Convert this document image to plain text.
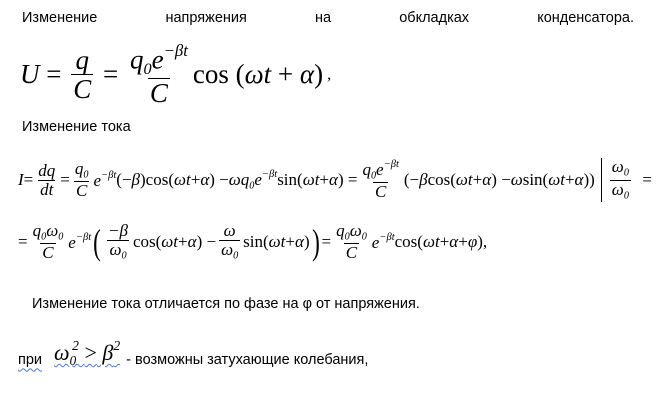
Изменение	напряжения	на	обкладках	конденсатора.
$U = \frac{q}{C} = \frac{q_0e^{-\beta t}}{C}$ cos ( ωt + α ) ,
Изменение тока
$I = \frac{dq}{dt} = \frac{q_0}{C} e^{-\beta t}$ (− β )cos( ωt + α ) − $\omega q_0e^{-\beta t}$ sin( ωt + α ) = $\frac{q_0e^{-\beta t}}{C}$ (− β cos( ωt + α ) − ω sin( ωt + α )) $\frac{\omega_0}{\omega_0}$ =
= $\frac{q_0\omega_0}{C} e^{-\beta t}$ ( $\frac{-\beta}{\omega_0} \cos$( ωt + α ) − $\frac{\omega}{\omega_0} \sin$( ωt + α ) ) = $\frac{q_0\omega_0}{C} e^{-\beta t}$ cos( ωt + α + φ ),
Изменение тока отличается по фазе на φ от напряжения.
при $\omega_0^2 > \beta^2$
- возможны затухающие колебания,
